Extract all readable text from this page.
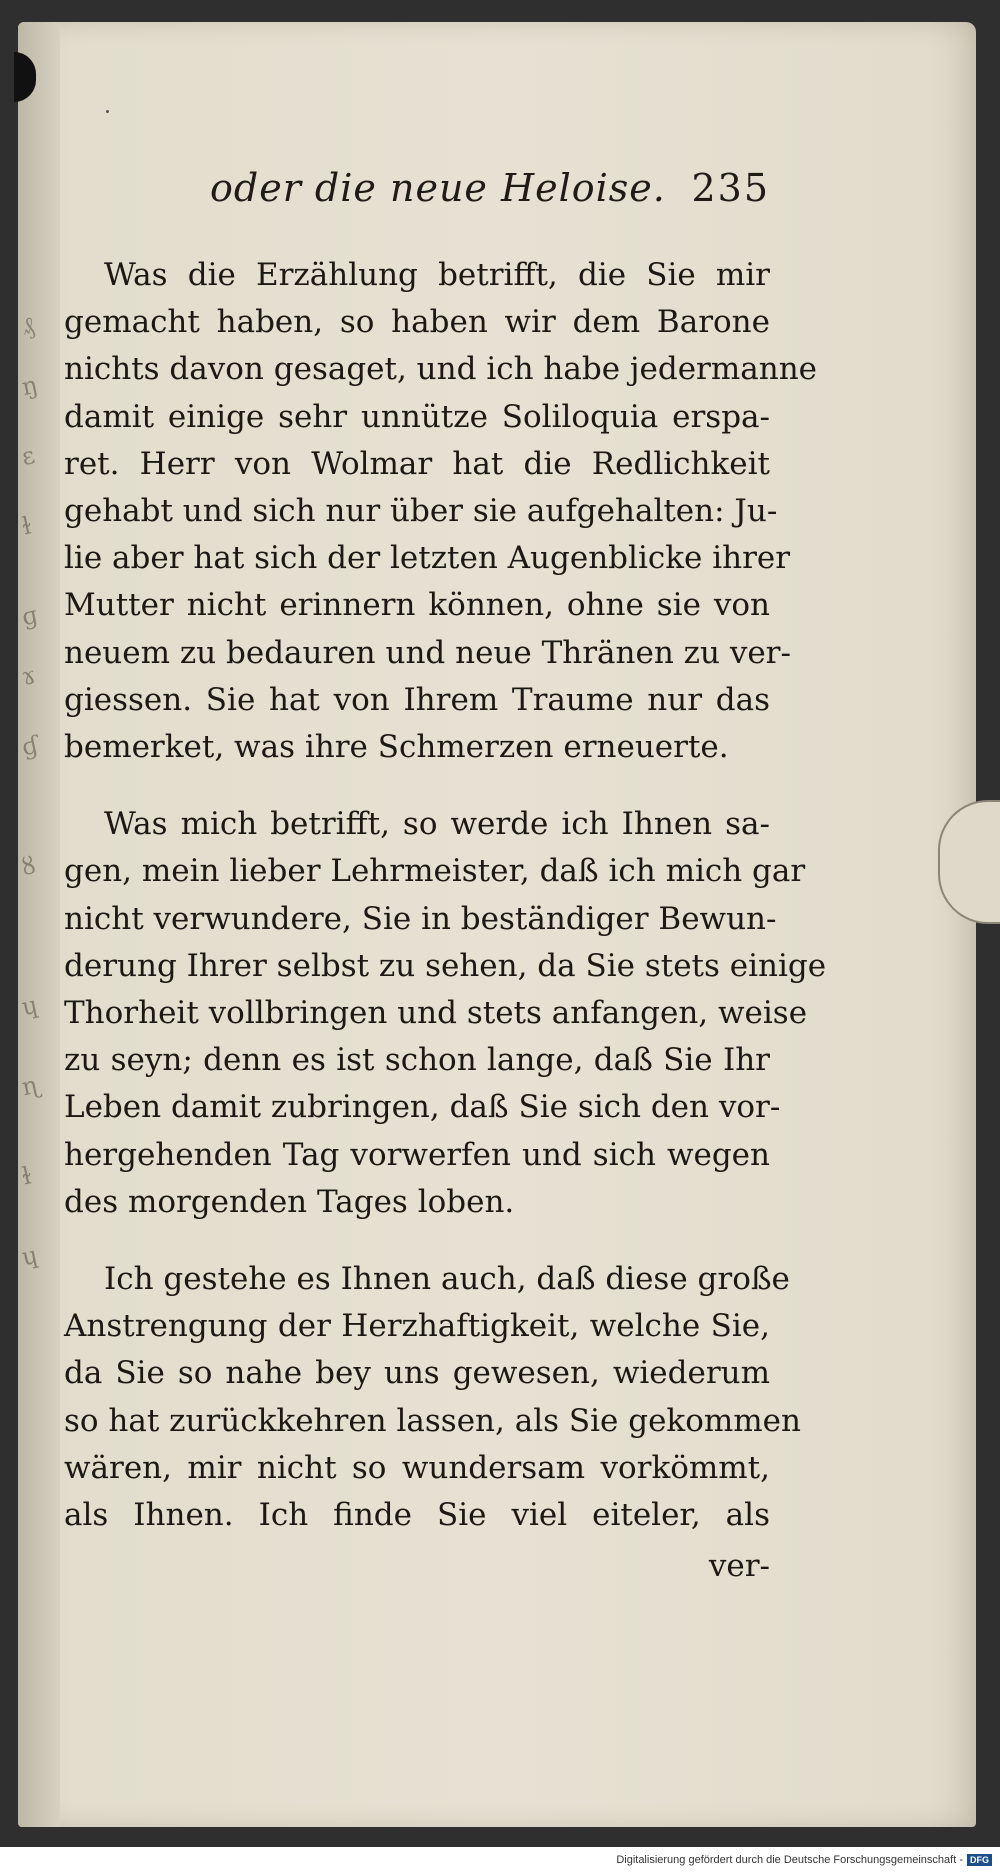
₰
ŋ
ɛ
ɫ
ɡ
ɤ
ɠ
ȣ
ɥ
ɳ
ɫ
ɥ
oder die neue Heloise. 235

Was die Erzählung betrifft, die Sie mir
gemacht haben, so haben wir dem Barone
nichts davon gesaget, und ich habe jedermanne
damit einige sehr unnütze Soliloquia erspa-
ret. Herr von Wolmar hat die Redlichkeit
gehabt und sich nur über sie aufgehalten: Ju-
lie aber hat sich der letzten Augenblicke ihrer
Mutter nicht erinnern können, ohne sie von
neuem zu bedauren und neue Thränen zu ver-
giessen. Sie hat von Ihrem Traume nur das
bemerket, was ihre Schmerzen erneuerte.

Was mich betrifft, so werde ich Ihnen sa-
gen, mein lieber Lehrmeister, daß ich mich gar
nicht verwundere, Sie in beständiger Bewun-
derung Ihrer selbst zu sehen, da Sie stets einige
Thorheit vollbringen und stets anfangen, weise
zu seyn; denn es ist schon lange, daß Sie Ihr
Leben damit zubringen, daß Sie sich den vor-
hergehenden Tag vorwerfen und sich wegen
des morgenden Tages loben.

Ich gestehe es Ihnen auch, daß diese große
Anstrengung der Herzhaftigkeit, welche Sie,
da Sie so nahe bey uns gewesen, wiederum
so hat zurückkehren lassen, als Sie gekommen
wären, mir nicht so wundersam vorkömmt,
als Ihnen. Ich finde Sie viel eiteler, als

ver-
Digitalisierung gefördert durch die Deutsche Forschungsgemeinschaft - DFG
